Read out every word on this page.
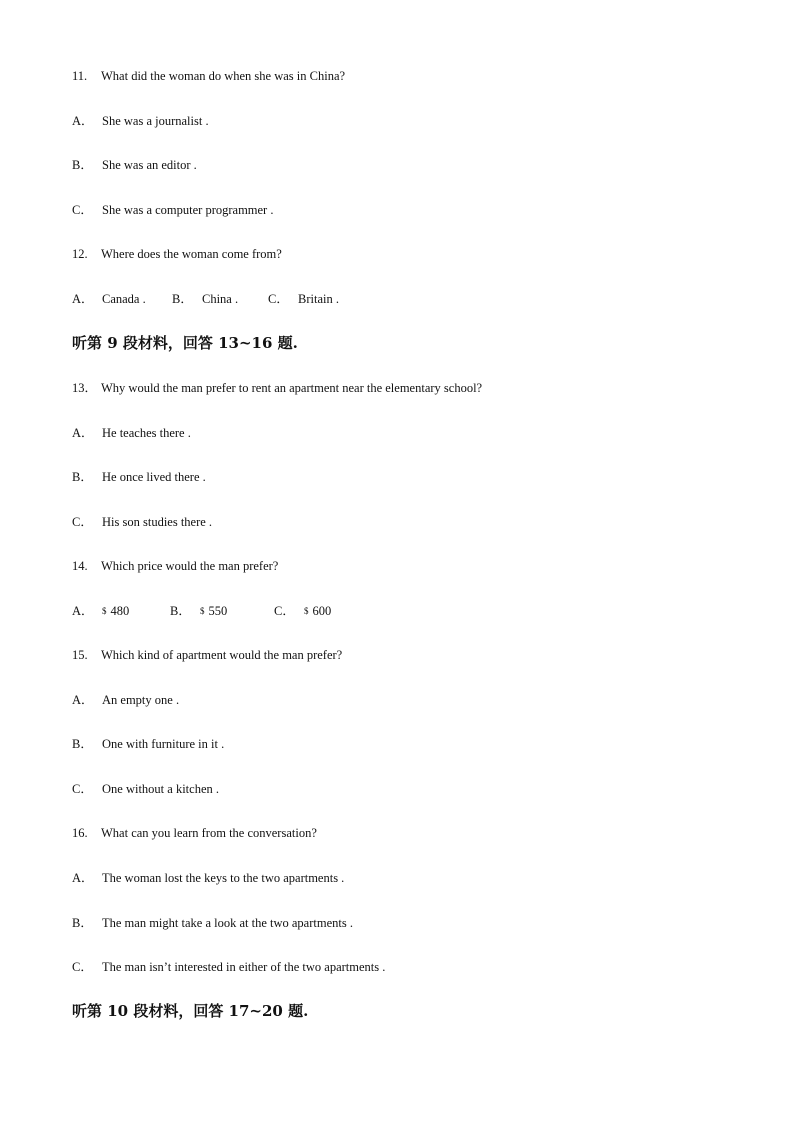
11. What did the woman do when she was in China?
A． She was a journalist .
B． She was an editor .
C． She was a computer programmer .
12. Where does the woman come from?
A． Canada . B． China . C． Britain .
听第 9 段材料，回答 13~16 题.
13． Why would the man prefer to rent an apartment near the elementary school?
A． He teaches there .
B． He once lived there .
C． His son studies there .
14. Which price would the man prefer?
A． $ 480	B． $ 550	C． $ 600
15. Which kind of apartment would the man prefer?
A． An empty one .
B． One with furniture in it .
C． One without a kitchen .
16. What can you learn from the conversation?
A． The woman lost the keys to the two apartments .
B． The man might take a look at the two apartments .
C． The man isn’t interested in either of the two apartments .
听第 10 段材料，回答 17~20 题.
